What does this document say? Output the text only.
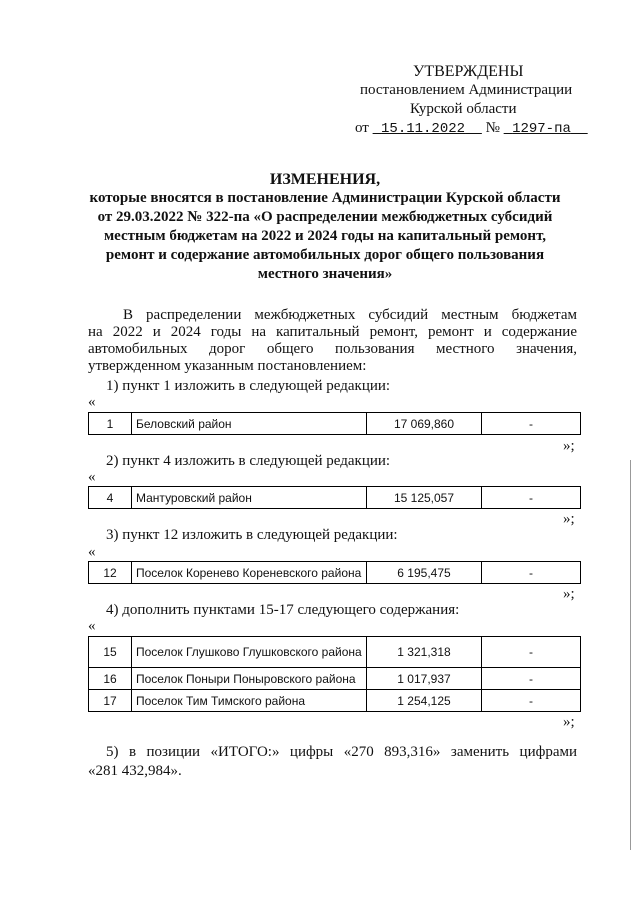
УТВЕРЖДЕНЫ
постановлением Администрации
Курской области
от 15.11.2022 № 1297-па
ИЗМЕНЕНИЯ,
которые вносятся в постановление Администрации Курской области
от 29.03.2022 № 322-па «О распределении межбюджетных субсидий
местным бюджетам на 2022 и 2024 годы на капитальный ремонт,
ремонт и содержание автомобильных дорог общего пользования
местного значения»
В распределении межбюджетных субсидий местным бюджетам
на 2022 и 2024 годы на капитальный ремонт, ремонт и содержание
автомобильных дорог общего пользования местного значения,
утвержденном указанным постановлением:
1) пункт 1 изложить в следующей редакции:
«
1	Беловский район	17 069,860	-
»;
2) пункт 4 изложить в следующей редакции:
«
4	Мантуровский район	15 125,057	-
»;
3) пункт 12 изложить в следующей редакции:
«
12	Поселок Коренево Кореневского района	6 195,475	-
»;
4) дополнить пунктами 15-17 следующего содержания:
«
15	Поселок Глушково Глушковского района	1 321,318	-
16	Поселок Поныри Поныровского района	1 017,937	-
17	Поселок Тим Тимского района	1 254,125	-
»;
5) в позиции «ИТОГО:» цифры «270 893,316» заменить цифрами
«281 432,984».
